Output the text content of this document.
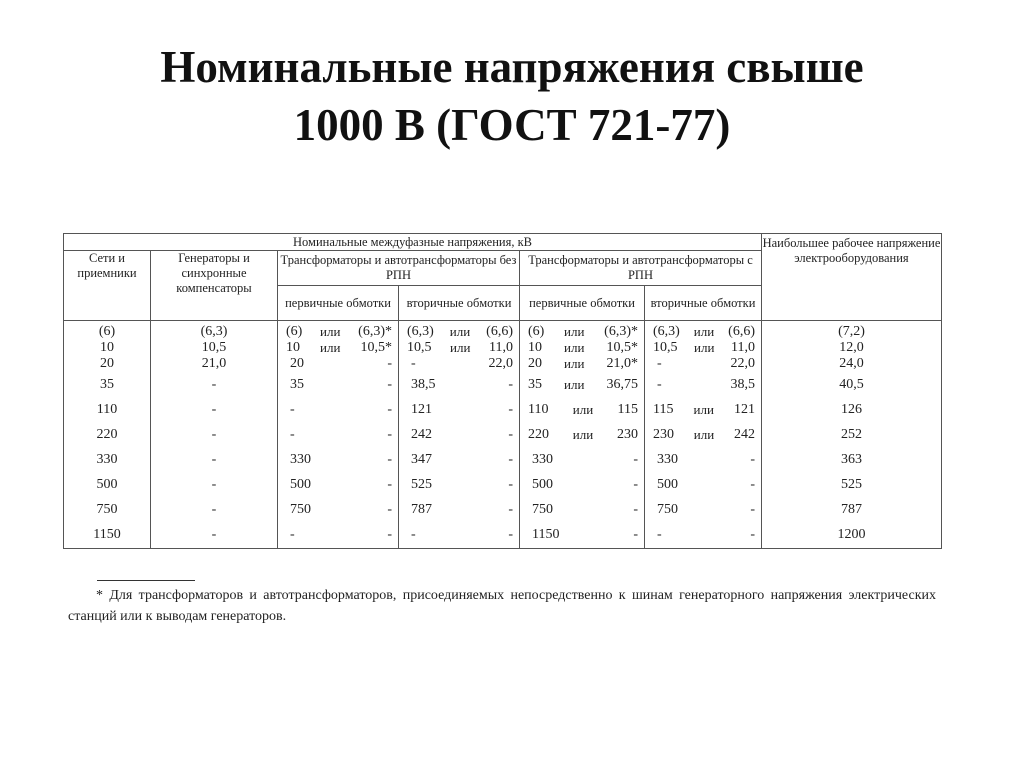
Номинальные напряжения свыше
1000 В (ГОСТ 721-77)
Номинальные междуфазные напряжения, кВ						Наибольшее рабочее напряжение электрооборудования
Сети и приемники	Генераторы и синхронные компенсаторы	Трансформаторы и автотрансформаторы без РПН		Трансформаторы и автотрансформаторы с РПН		
		первичные обмотки	вторичные обмотки	первичные обмотки	вторичные обмотки	
(6)	(6,3)	(6) или (6,3)*	(6,3) или (6,6)	(6) или (6,3)*	(6,3) или (6,6)	(7,2)
10	10,5	10 или 10,5*	10,5 или 11,0	10 или 10,5*	10,5 или 11,0	12,0
20	21,0	20 -	- 22,0	20 или 21,0*	- 22,0	24,0
35	-	35 -	38,5 -	35 или 36,75	- 38,5	40,5
110	-	- -	121 -	110 или 115	115 или 121	126
220	-	- -	242 -	220 или 230	230 или 242	252
330	-	330 -	347 -	330 -	330 -	363
500	-	500 -	525 -	500 -	500 -	525
750	-	750 -	787 -	750 -	750 -	787
1150	-	- -	- -	1150 -	- -	1200
* Для трансформаторов и автотрансформаторов, присоединяемых непосредственно к шинам генераторного напряжения электрических станций или к выводам генераторов.
